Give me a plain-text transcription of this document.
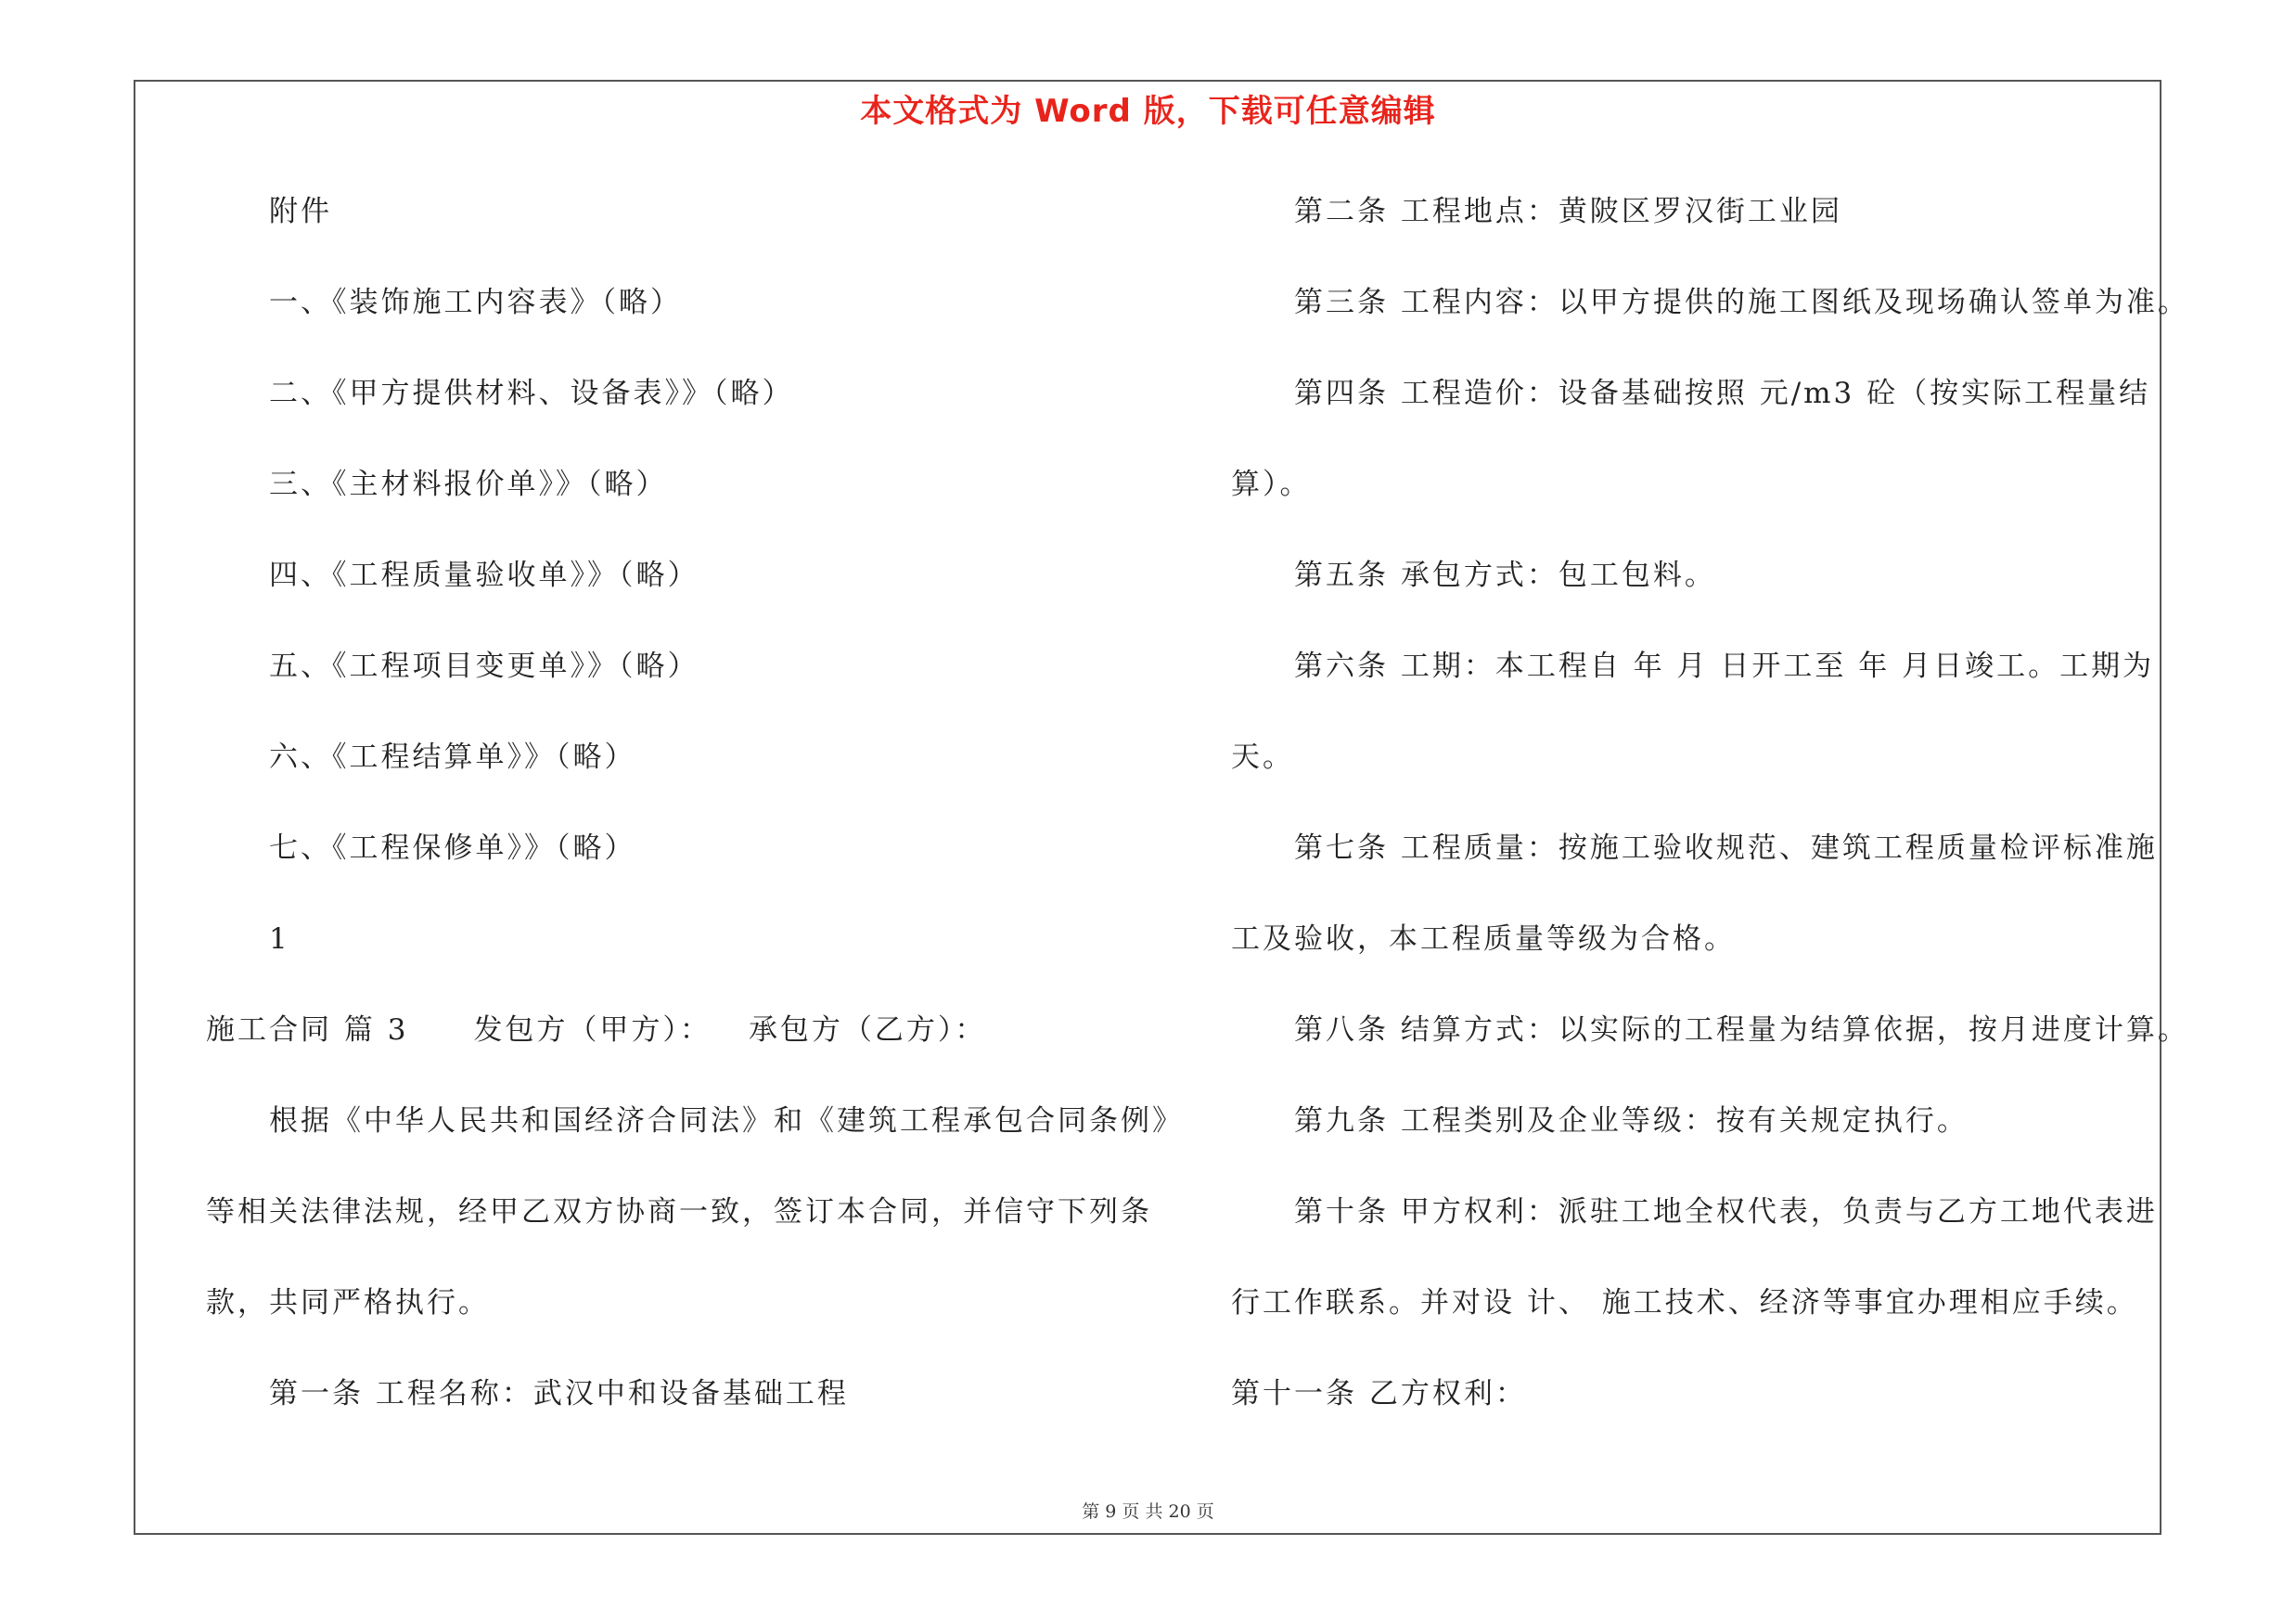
本文格式为 Word 版，下载可任意编辑
附件
一、《装饰施工内容表》（略）
二、《甲方提供材料、设备表》》（略）
三、《主材料报价单》》（略）
四、《工程质量验收单》》（略）
五、《工程项目变更单》》（略）
六、《工程结算单》》（略）
七、《工程保修单》》（略）
1
施工合同 篇 3 发包方（甲方）： 承包方（乙方）：
根据《中华人民共和国经济合同法》和《建筑工程承包合同条例》
等相关法律法规，经甲乙双方协商一致，签订本合同，并信守下列条
款，共同严格执行。
第一条 工程名称：武汉中和设备基础工程
第二条 工程地点：黄陂区罗汉街工业园
第三条 工程内容：以甲方提供的施工图纸及现场确认签单为准。
第四条 工程造价：设备基础按照 元/m3 砼（按实际工程量结
算）。
第五条 承包方式：包工包料。
第六条 工期：本工程自 年 月 日开工至 年 月日竣工。工期为
天。
第七条 工程质量：按施工验收规范、建筑工程质量检评标准施
工及验收，本工程质量等级为合格。
第八条 结算方式：以实际的工程量为结算依据，按月进度计算。
第九条 工程类别及企业等级：按有关规定执行。
第十条 甲方权利：派驻工地全权代表，负责与乙方工地代表进
行工作联系。并对设 计、 施工技术、经济等事宜办理相应手续。
第十一条 乙方权利：
第 9 页 共 20 页
